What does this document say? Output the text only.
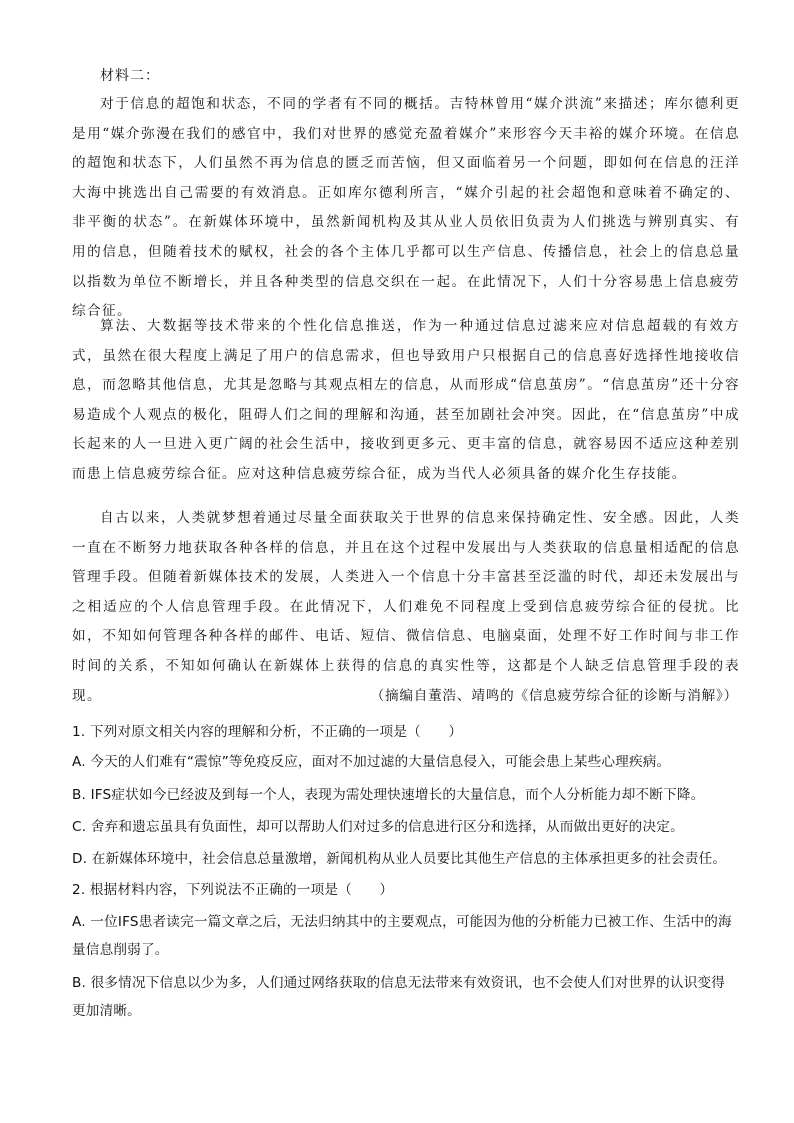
材料二：
对于信息的超饱和状态，不同的学者有不同的概括。吉特林曾用“媒介洪流”来描述；库尔德利更是用“媒介弥漫在我们的感官中，我们对世界的感觉充盈着媒介”来形容今天丰裕的媒介环境。在信息的超饱和状态下，人们虽然不再为信息的匮乏而苦恼，但又面临着另一个问题，即如何在信息的汪洋大海中挑选出自己需要的有效消息。正如库尔德利所言，“媒介引起的社会超饱和意味着不确定的、非平衡的状态”。在新媒体环境中，虽然新闻机构及其从业人员依旧负责为人们挑选与辨别真实、有用的信息，但随着技术的赋权，社会的各个主体几乎都可以生产信息、传播信息，社会上的信息总量以指数为单位不断增长，并且各种类型的信息交织在一起。在此情况下，人们十分容易患上信息疲劳综合征。
算法、大数据等技术带来的个性化信息推送，作为一种通过信息过滤来应对信息超载的有效方式，虽然在很大程度上满足了用户的信息需求，但也导致用户只根据自己的信息喜好选择性地接收信息，而忽略其他信息，尤其是忽略与其观点相左的信息，从而形成“信息茧房”。“信息茧房”还十分容易造成个人观点的极化，阻碍人们之间的理解和沟通，甚至加剧社会冲突。因此，在“信息茧房”中成长起来的人一旦进入更广阔的社会生活中，接收到更多元、更丰富的信息，就容易因不适应这种差别而患上信息疲劳综合征。应对这种信息疲劳综合征，成为当代人必须具备的媒介化生存技能。
自古以来，人类就梦想着通过尽量全面获取关于世界的信息来保持确定性、安全感。因此，人类一直在不断努力地获取各种各样的信息，并且在这个过程中发展出与人类获取的信息量相适配的信息管理手段。但随着新媒体技术的发展，人类进入一个信息十分丰富甚至泛滥的时代，却还未发展出与之相适应的个人信息管理手段。在此情况下，人们难免不同程度上受到信息疲劳综合征的侵扰。比如，不知如何管理各种各样的邮件、电话、短信、微信信息、电脑桌面，处理不好工作时间与非工作时间的关系，不知如何确认在新媒体上获得的信息的真实性等，这都是个人缺乏信息管理手段的表现。	（摘编自董浩、靖鸣的《信息疲劳综合征的诊断与消解》）
1. 下列对原文相关内容的理解和分析，不正确的一项是（　　）
A. 今天的人们难有“震惊”等免疫反应，面对不加过滤的大量信息侵入，可能会患上某些心理疾病。
B. IFS症状如今已经波及到每一个人，表现为需处理快速增长的大量信息，而个人分析能力却不断下降。
C. 舍弃和遗忘虽具有负面性，却可以帮助人们对过多的信息进行区分和选择，从而做出更好的决定。
D. 在新媒体环境中，社会信息总量激增，新闻机构从业人员要比其他生产信息的主体承担更多的社会责任。
2. 根据材料内容，下列说法不正确的一项是（　　）
A. 一位IFS患者读完一篇文章之后，无法归纳其中的主要观点，可能因为他的分析能力已被工作、生活中的海量信息削弱了。
B. 很多情况下信息以少为多，人们通过网络获取的信息无法带来有效资讯，也不会使人们对世界的认识变得更加清晰。
